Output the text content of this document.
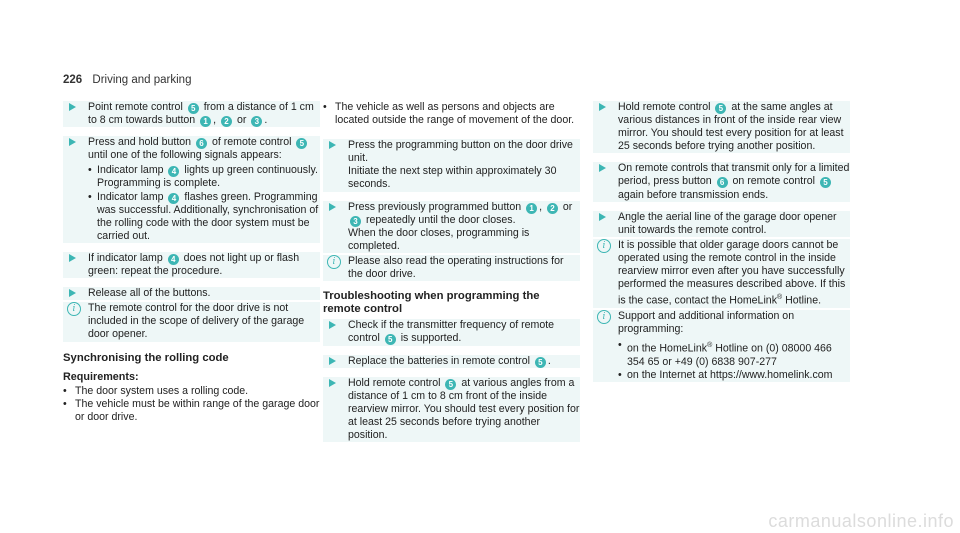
226 Driving and parking
Point remote control 5 from a distance of 1 cm to 8 cm towards button 1 , 2 or 3 .
Press and hold button 6 of remote control 5 until one of the following signals appears:
• Indicator lamp 4 lights up green continuously. Programming is complete.
• Indicator lamp 4 flashes green. Programming was successful. Additionally, synchronisation of the rolling code with the door system must be carried out.
If indicator lamp 4 does not light up or flash green: repeat the procedure.
Release all of the buttons.
i	The remote control for the door drive is not included in the scope of delivery of the garage door opener.
Synchronising the rolling code
Requirements:
• The door system uses a rolling code.
• The vehicle must be within range of the garage door or door drive.
• The vehicle as well as persons and objects are located outside the range of movement of the door.
Press the programming button on the door drive unit.
Initiate the next step within approximately 30 seconds.
Press previously programmed button 1 , 2 or 3 repeatedly until the door closes.
When the door closes, programming is completed.
i	Please also read the operating instructions for the door drive.
Troubleshooting when programming the remote control
Check if the transmitter frequency of remote control 5 is supported.
Replace the batteries in remote control 5 .
Hold remote control 5 at various angles from a distance of 1 cm to 8 cm front of the inside rearview mirror. You should test every position for at least 25 seconds before trying another position.
Hold remote control 5 at the same angles at various distances in front of the inside rear view mirror. You should test every position for at least 25 seconds before trying another position.
On remote controls that transmit only for a limited period, press button 6 on remote control 5 again before transmission ends.
Angle the aerial line of the garage door opener unit towards the remote control.
i	It is possible that older garage doors cannot be operated using the remote control in the inside rearview mirror even after you have successfully performed the measures described above. If this is the case, contact the HomeLink® Hotline.
i	Support and additional information on programming:
• on the HomeLink® Hotline on (0) 08000 466 354 65 or +49 (0) 6838 907-277
• on the Internet at https://www.homelink.com
carmanualsonline.info
